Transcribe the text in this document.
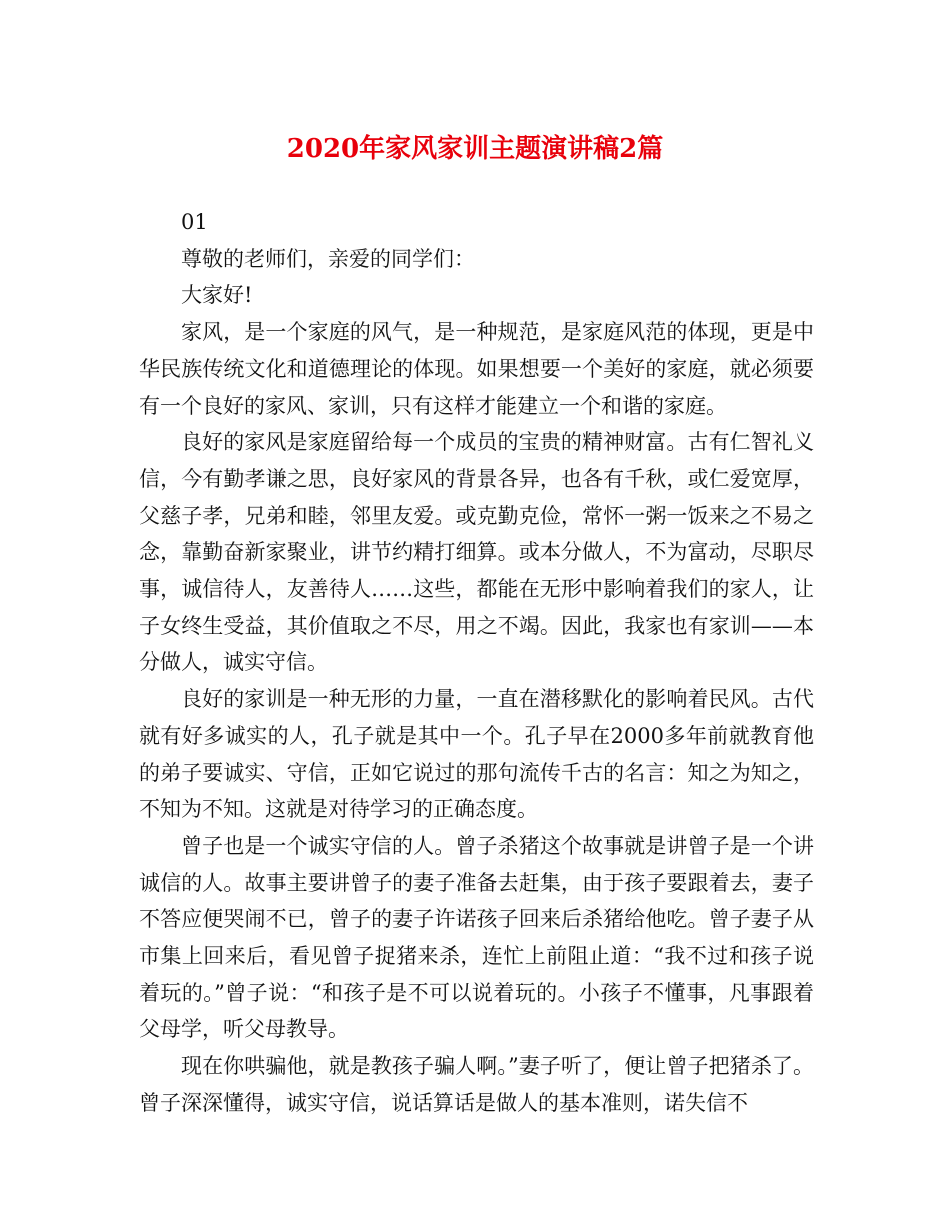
2020年家风家训主题演讲稿2篇

01

尊敬的老师们，亲爱的同学们：

大家好!

家风，是一个家庭的风气，是一种规范，是家庭风范的体现，更是中华民族传统文化和道德理论的体现。如果想要一个美好的家庭，就必须要有一个良好的家风、家训，只有这样才能建立一个和谐的家庭。

良好的家风是家庭留给每一个成员的宝贵的精神财富。古有仁智礼义信，今有勤孝谦之思，良好家风的背景各异，也各有千秋，或仁爱宽厚，父慈子孝，兄弟和睦，邻里友爱。或克勤克俭，常怀一粥一饭来之不易之念，靠勤奋新家聚业，讲节约精打细算。或本分做人，不为富动，尽职尽事，诚信待人，友善待人……这些，都能在无形中影响着我们的家人，让子女终生受益，其价值取之不尽，用之不竭。因此，我家也有家训——本分做人，诚实守信。

良好的家训是一种无形的力量，一直在潜移默化的影响着民风。古代就有好多诚实的人，孔子就是其中一个。孔子早在2000多年前就教育他的弟子要诚实、守信，正如它说过的那句流传千古的名言：知之为知之，不知为不知。这就是对待学习的正确态度。

曾子也是一个诚实守信的人。曾子杀猪这个故事就是讲曾子是一个讲诚信的人。故事主要讲曾子的妻子准备去赶集，由于孩子要跟着去，妻子不答应便哭闹不已，曾子的妻子许诺孩子回来后杀猪给他吃。曾子妻子从市集上回来后，看见曾子捉猪来杀，连忙上前阻止道：“我不过和孩子说着玩的。”曾子说：“和孩子是不可以说着玩的。小孩子不懂事，凡事跟着父母学，听父母教导。

现在你哄骗他，就是教孩子骗人啊。”妻子听了，便让曾子把猪杀了。曾子深深懂得，诚实守信，说话算话是做人的基本准则，诺失信不
